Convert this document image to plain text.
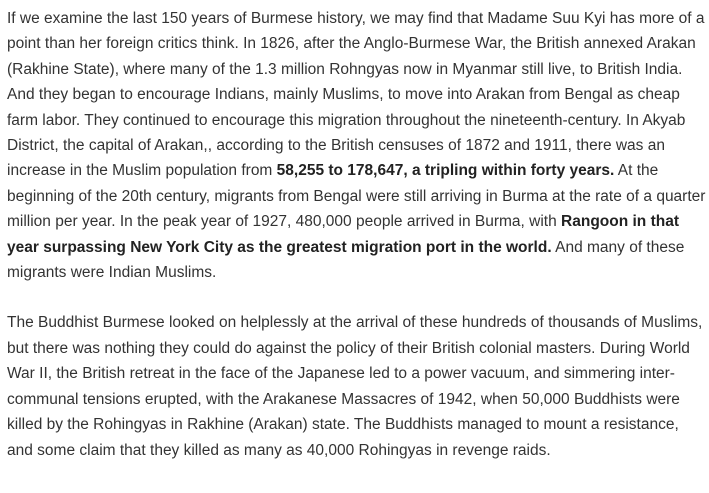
If we examine the last 150 years of Burmese history, we may find that Madame Suu Kyi has more of a point than her foreign critics think. In 1826, after the Anglo-Burmese War, the British annexed Arakan (Rakhine State), where many of the 1.3 million Rohngyas now in Myanmar still live, to British India. And they began to encourage Indians, mainly Muslims, to move into Arakan from Bengal as cheap farm labor. They continued to encourage this migration throughout the nineteenth-century. In Akyab District, the capital of Arakan,, according to the British censuses of 1872 and 1911, there was an increase in the Muslim population from 58,255 to 178,647, a tripling within forty years. At the beginning of the 20th century, migrants from Bengal were still arriving in Burma at the rate of a quarter million per year. In the peak year of 1927, 480,000 people arrived in Burma, with Rangoon in that year surpassing New York City as the greatest migration port in the world. And many of these migrants were Indian Muslims.

The Buddhist Burmese looked on helplessly at the arrival of these hundreds of thousands of Muslims, but there was nothing they could do against the policy of their British colonial masters. During World War II, the British retreat in the face of the Japanese led to a power vacuum, and simmering inter-communal tensions erupted, with the Arakanese Massacres of 1942, when 50,000 Buddhists were killed by the Rohingyas in Rakhine (Arakan) state. The Buddhists managed to mount a resistance, and some claim that they killed as many as 40,000 Rohingyas in revenge raids.
